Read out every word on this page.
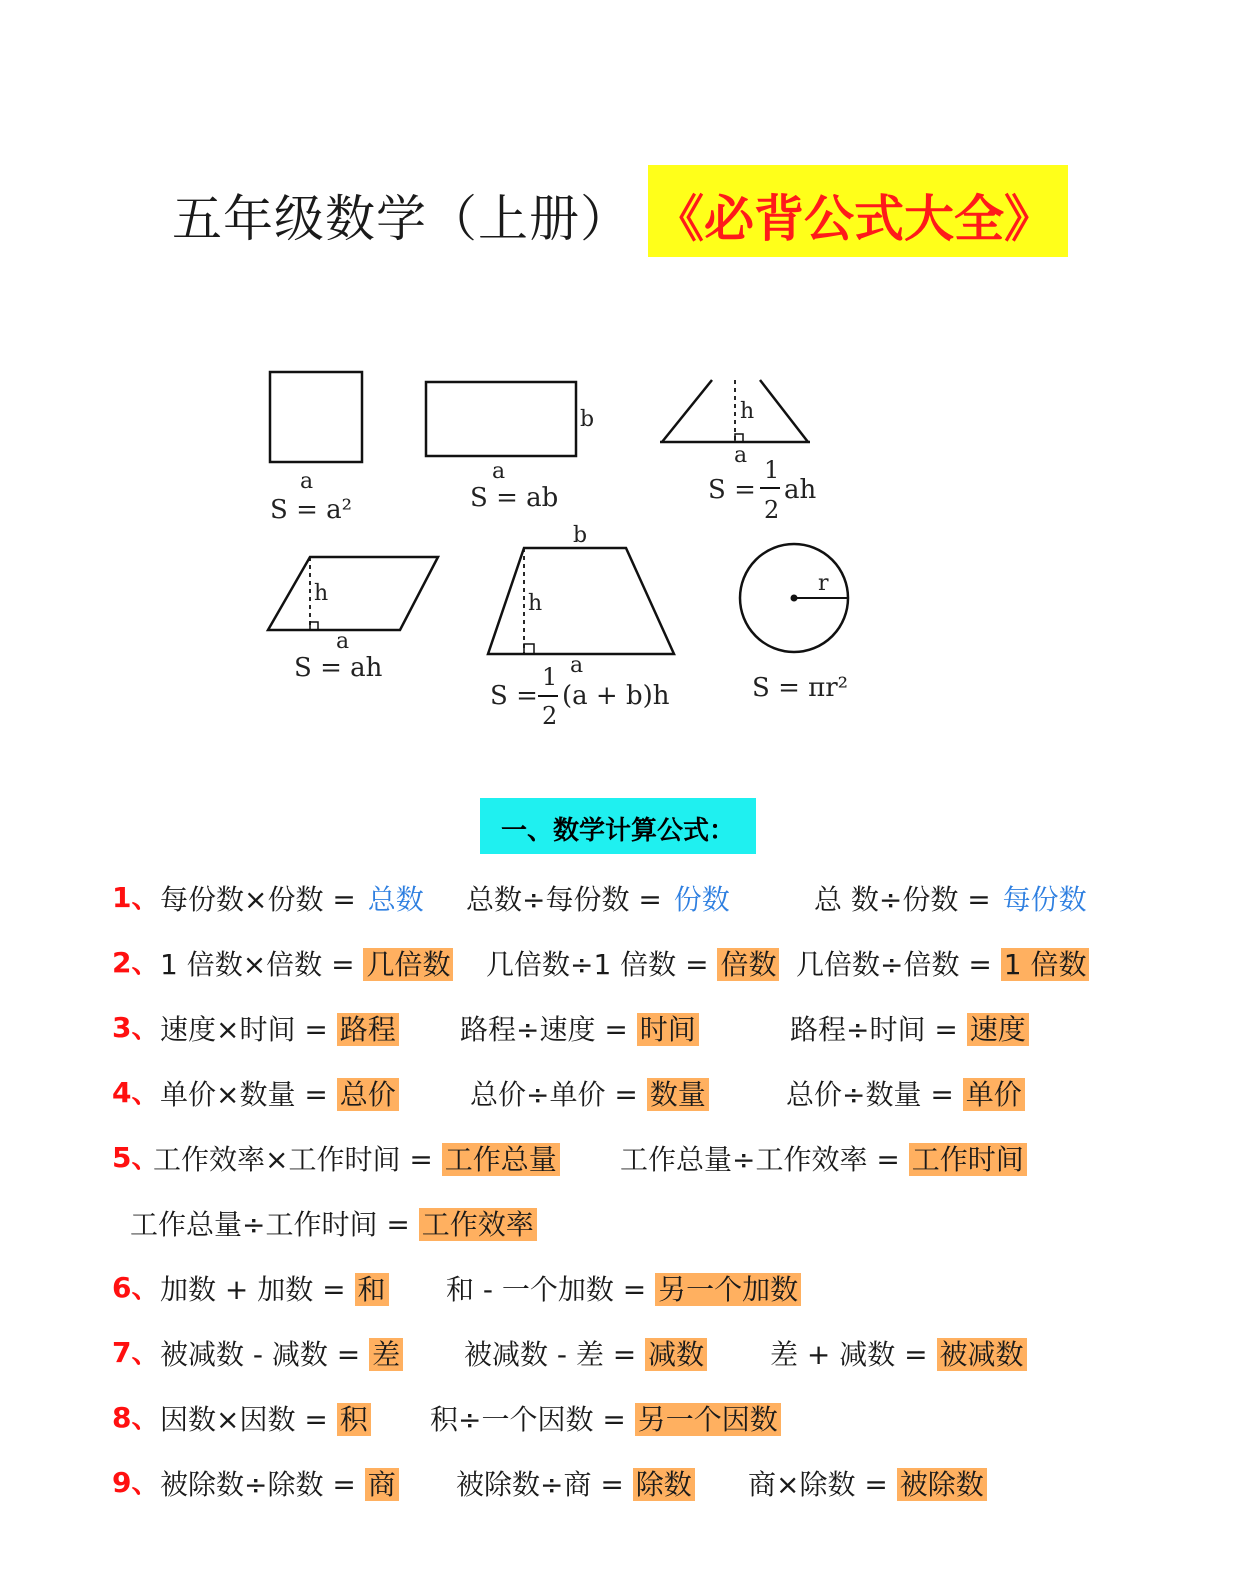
五年级数学（上册） 《必背公式大全》
a
S = a²
b
a
S = ab
h
a
S =
1
2
ah
h
a
S = ah
b
h
a
S =
1
2
(a + b)h
r
S = πr²
一、数学计算公式：
1、 每份数×份数 = 总数 总数÷每份数 = 份数	总 数÷份数 = 每份数
2、 1 倍数×倍数 = 几倍数 几倍数÷1 倍数 = 倍数 几倍数÷倍数 = 1 倍数
3、 速度×时间 = 路程 路程÷速度 = 时间	路程÷时间 = 速度
4、 单价×数量 = 总价	总价÷单价 = 数量	总价÷数量 = 单价
5、
工作效率×工作时间 = 工作总量 工作总量÷工作效率 = 工作时间
工作总量÷工作时间 = 工作效率
6、 加数 + 加数 = 和 和 - 一个加数 = 另一个加数
7、 被减数 - 减数 = 差 被减数 - 差 = 减数 差 + 减数 = 被减数
8、 因数×因数 = 积 积÷一个因数 = 另一个因数
9、 被除数÷除数 = 商 被除数÷商 = 除数 商×除数 = 被除数
